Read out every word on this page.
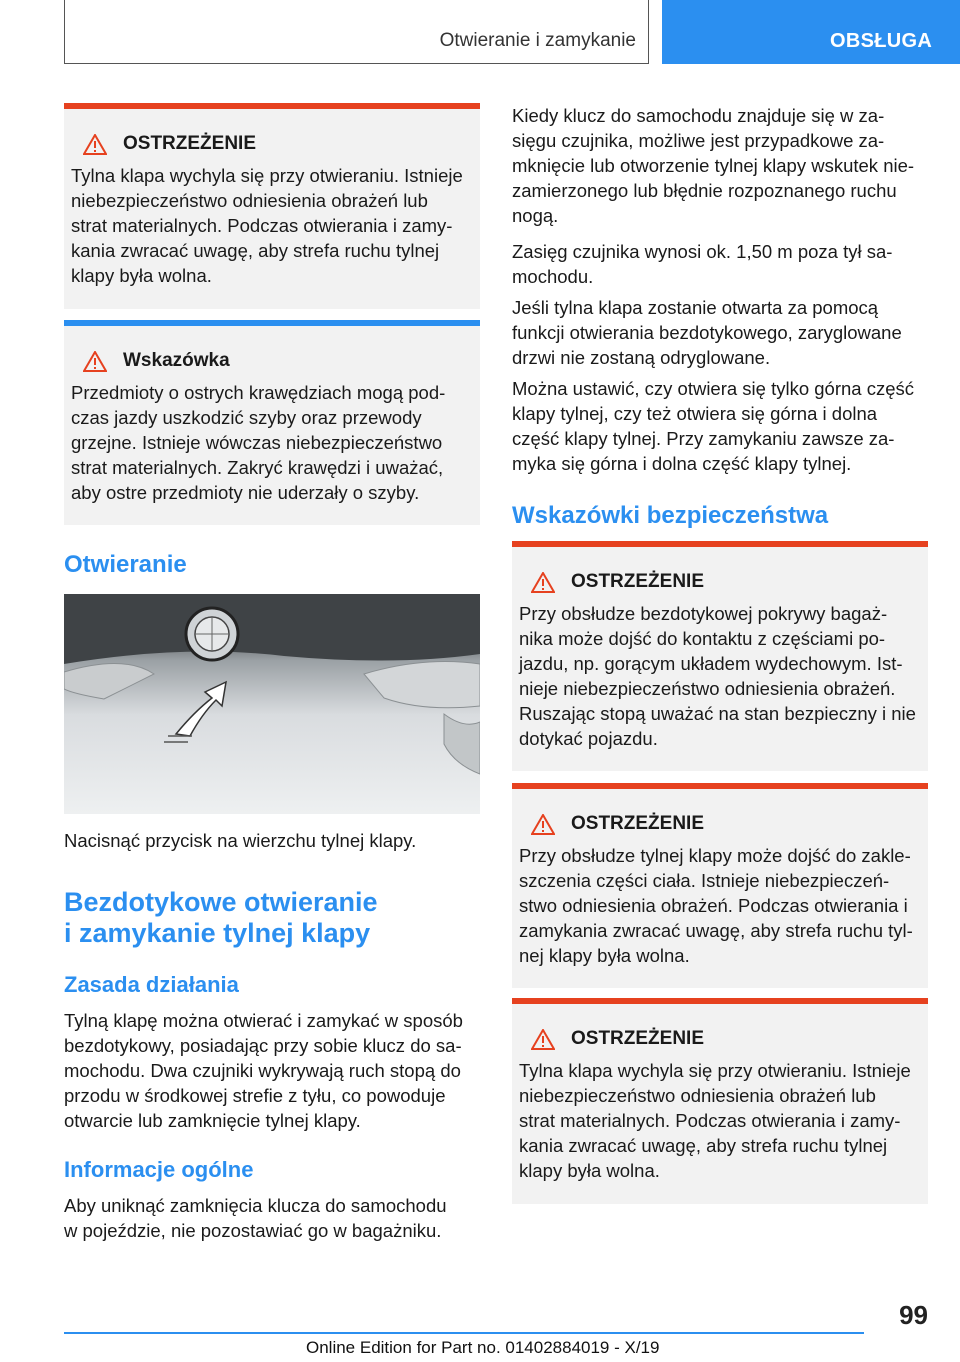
Otwieranie i zamykanie	OBSŁUGA
OSTRZEŻENIE
Tylna klapa wychyla się przy otwieraniu. Istnieje
niebezpieczeństwo odniesienia obrażeń lub
strat materialnych. Podczas otwierania i zamy‐
kania zwracać uwagę, aby strefa ruchu tylnej
klapy była wolna.
Wskazówka
Przedmioty o ostrych krawędziach mogą pod‐
czas jazdy uszkodzić szyby oraz przewody
grzejne. Istnieje wówczas niebezpieczeństwo
strat materialnych. Zakryć krawędzi i uważać,
aby ostre przedmioty nie uderzały o szyby.
Otwieranie
Nacisnąć przycisk na wierzchu tylnej klapy.
Bezdotykowe otwieranie
i zamykanie tylnej klapy
Zasada działania
Tylną klapę można otwierać i zamykać w sposób
bezdotykowy, posiadając przy sobie klucz do sa‐
mochodu. Dwa czujniki wykrywają ruch stopą do
przodu w środkowej strefie z tyłu, co powoduje
otwarcie lub zamknięcie tylnej klapy.
Informacje ogólne
Aby uniknąć zamknięcia klucza do samochodu
w pojeździe, nie pozostawiać go w bagażniku.
Kiedy klucz do samochodu znajduje się w za‐
sięgu czujnika, możliwe jest przypadkowe za‐
mknięcie lub otworzenie tylnej klapy wskutek nie‐
zamierzonego lub błędnie rozpoznanego ruchu
nogą.
Zasięg czujnika wynosi ok. 1,50 m poza tył sa‐
mochodu.
Jeśli tylna klapa zostanie otwarta za pomocą
funkcji otwierania bezdotykowego, zaryglowane
drzwi nie zostaną odryglowane.
Można ustawić, czy otwiera się tylko górna część
klapy tylnej, czy też otwiera się górna i dolna
część klapy tylnej. Przy zamykaniu zawsze za‐
myka się górna i dolna część klapy tylnej.
Wskazówki bezpieczeństwa
OSTRZEŻENIE
Przy obsłudze bezdotykowej pokrywy bagaż‐
nika może dojść do kontaktu z częściami po‐
jazdu, np. gorącym układem wydechowym. Ist‐
nieje niebezpieczeństwo odniesienia obrażeń.
Ruszając stopą uważać na stan bezpieczny i nie
dotykać pojazdu.
OSTRZEŻENIE
Przy obsłudze tylnej klapy może dojść do zakle‐
szczenia części ciała. Istnieje niebezpieczeń‐
stwo odniesienia obrażeń. Podczas otwierania i
zamykania zwracać uwagę, aby strefa ruchu tyl‐
nej klapy była wolna.
OSTRZEŻENIE
Tylna klapa wychyla się przy otwieraniu. Istnieje
niebezpieczeństwo odniesienia obrażeń lub
strat materialnych. Podczas otwierania i zamy‐
kania zwracać uwagę, aby strefa ruchu tylnej
klapy była wolna.
99
Online Edition for Part no. 01402884019 - X/19
